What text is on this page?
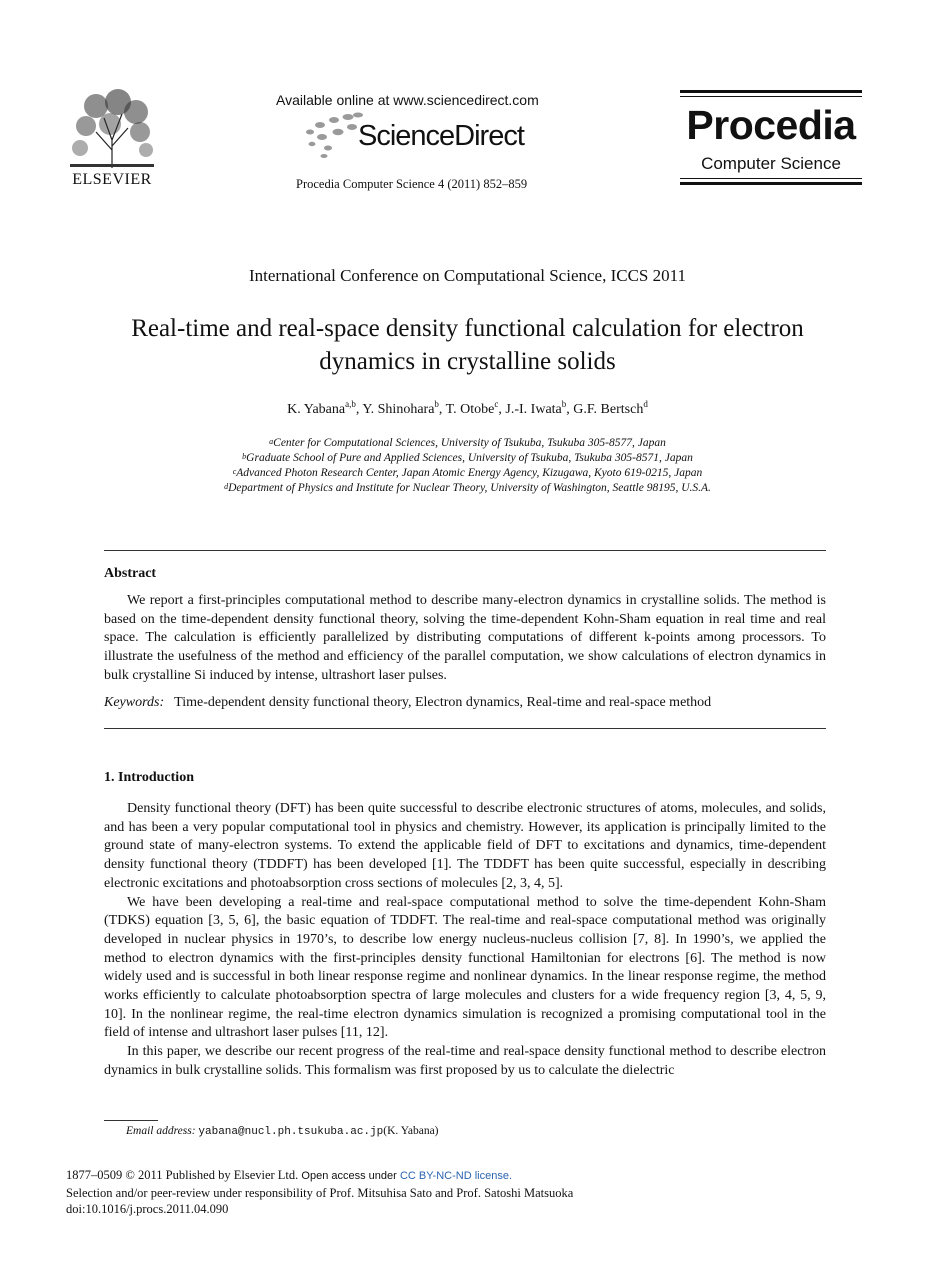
ELSEVIER
Available online at www.sciencedirect.com
ScienceDirect
Procedia Computer Science 4 (2011) 852–859
Procedia
Computer Science
International Conference on Computational Science, ICCS 2011
Real-time and real-space density functional calculation for electron
dynamics in crystalline solids
K. Yabana$^{a,b}$, Y. Shinohara$^b$, T. Otobe$^c$, J.-I. Iwata$^b$, G.F. Bertsch$^d$
$^a$Center for Computational Sciences, University of Tsukuba, Tsukuba 305-8577, Japan
$^b$Graduate School of Pure and Applied Sciences, University of Tsukuba, Tsukuba 305-8571, Japan
$^c$Advanced Photon Research Center, Japan Atomic Energy Agency, Kizugawa, Kyoto 619-0215, Japan
$^d$Department of Physics and Institute for Nuclear Theory, University of Washington, Seattle 98195, U.S.A.
Abstract

We report a first-principles computational method to describe many-electron dynamics in crystalline solids. The method is based on the time-dependent density functional theory, solving the time-dependent Kohn-Sham equation in real time and real space. The calculation is efficiently parallelized by distributing computations of different k-points among processors. To illustrate the usefulness of the method and efficiency of the parallel computation, we show calculations of electron dynamics in bulk crystalline Si induced by intense, ultrashort laser pulses.

Keywords: Time-dependent density functional theory, Electron dynamics, Real-time and real-space method
1. Introduction

Density functional theory (DFT) has been quite successful to describe electronic structures of atoms, molecules, and solids, and has been a very popular computational tool in physics and chemistry. However, its application is principally limited to the ground state of many-electron systems. To extend the applicable field of DFT to excitations and dynamics, time-dependent density functional theory (TDDFT) has been developed [1]. The TDDFT has been quite successful, especially in describing electronic excitations and photoabsorption cross sections of molecules [2, 3, 4, 5].

We have been developing a real-time and real-space computational method to solve the time-dependent Kohn-Sham (TDKS) equation [3, 5, 6], the basic equation of TDDFT. The real-time and real-space computational method was originally developed in nuclear physics in 1970’s, to describe low energy nucleus-nucleus collision [7, 8]. In 1990’s, we applied the method to electron dynamics with the first-principles density functional Hamiltonian for electrons [6]. The method is now widely used and is successful in both linear response regime and nonlinear dynamics. In the linear response regime, the method works efficiently to calculate photoabsorption spectra of large molecules and clusters for a wide frequency region [3, 4, 5, 9, 10]. In the nonlinear regime, the real-time electron dynamics simulation is recognized a promising computational tool in the field of intense and ultrashort laser pulses [11, 12].

In this paper, we describe our recent progress of the real-time and real-space density functional method to describe electron dynamics in bulk crystalline solids. This formalism was first proposed by us to calculate the dielectric

Email address: yabana@nucl.ph.tsukuba.ac.jp(K. Yabana)
1877–0509 © 2011 Published by Elsevier Ltd. Open access under CC BY-NC-ND license.
Selection and/or peer-review under responsibility of Prof. Mitsuhisa Sato and Prof. Satoshi Matsuoka
doi:10.1016/j.procs.2011.04.090
